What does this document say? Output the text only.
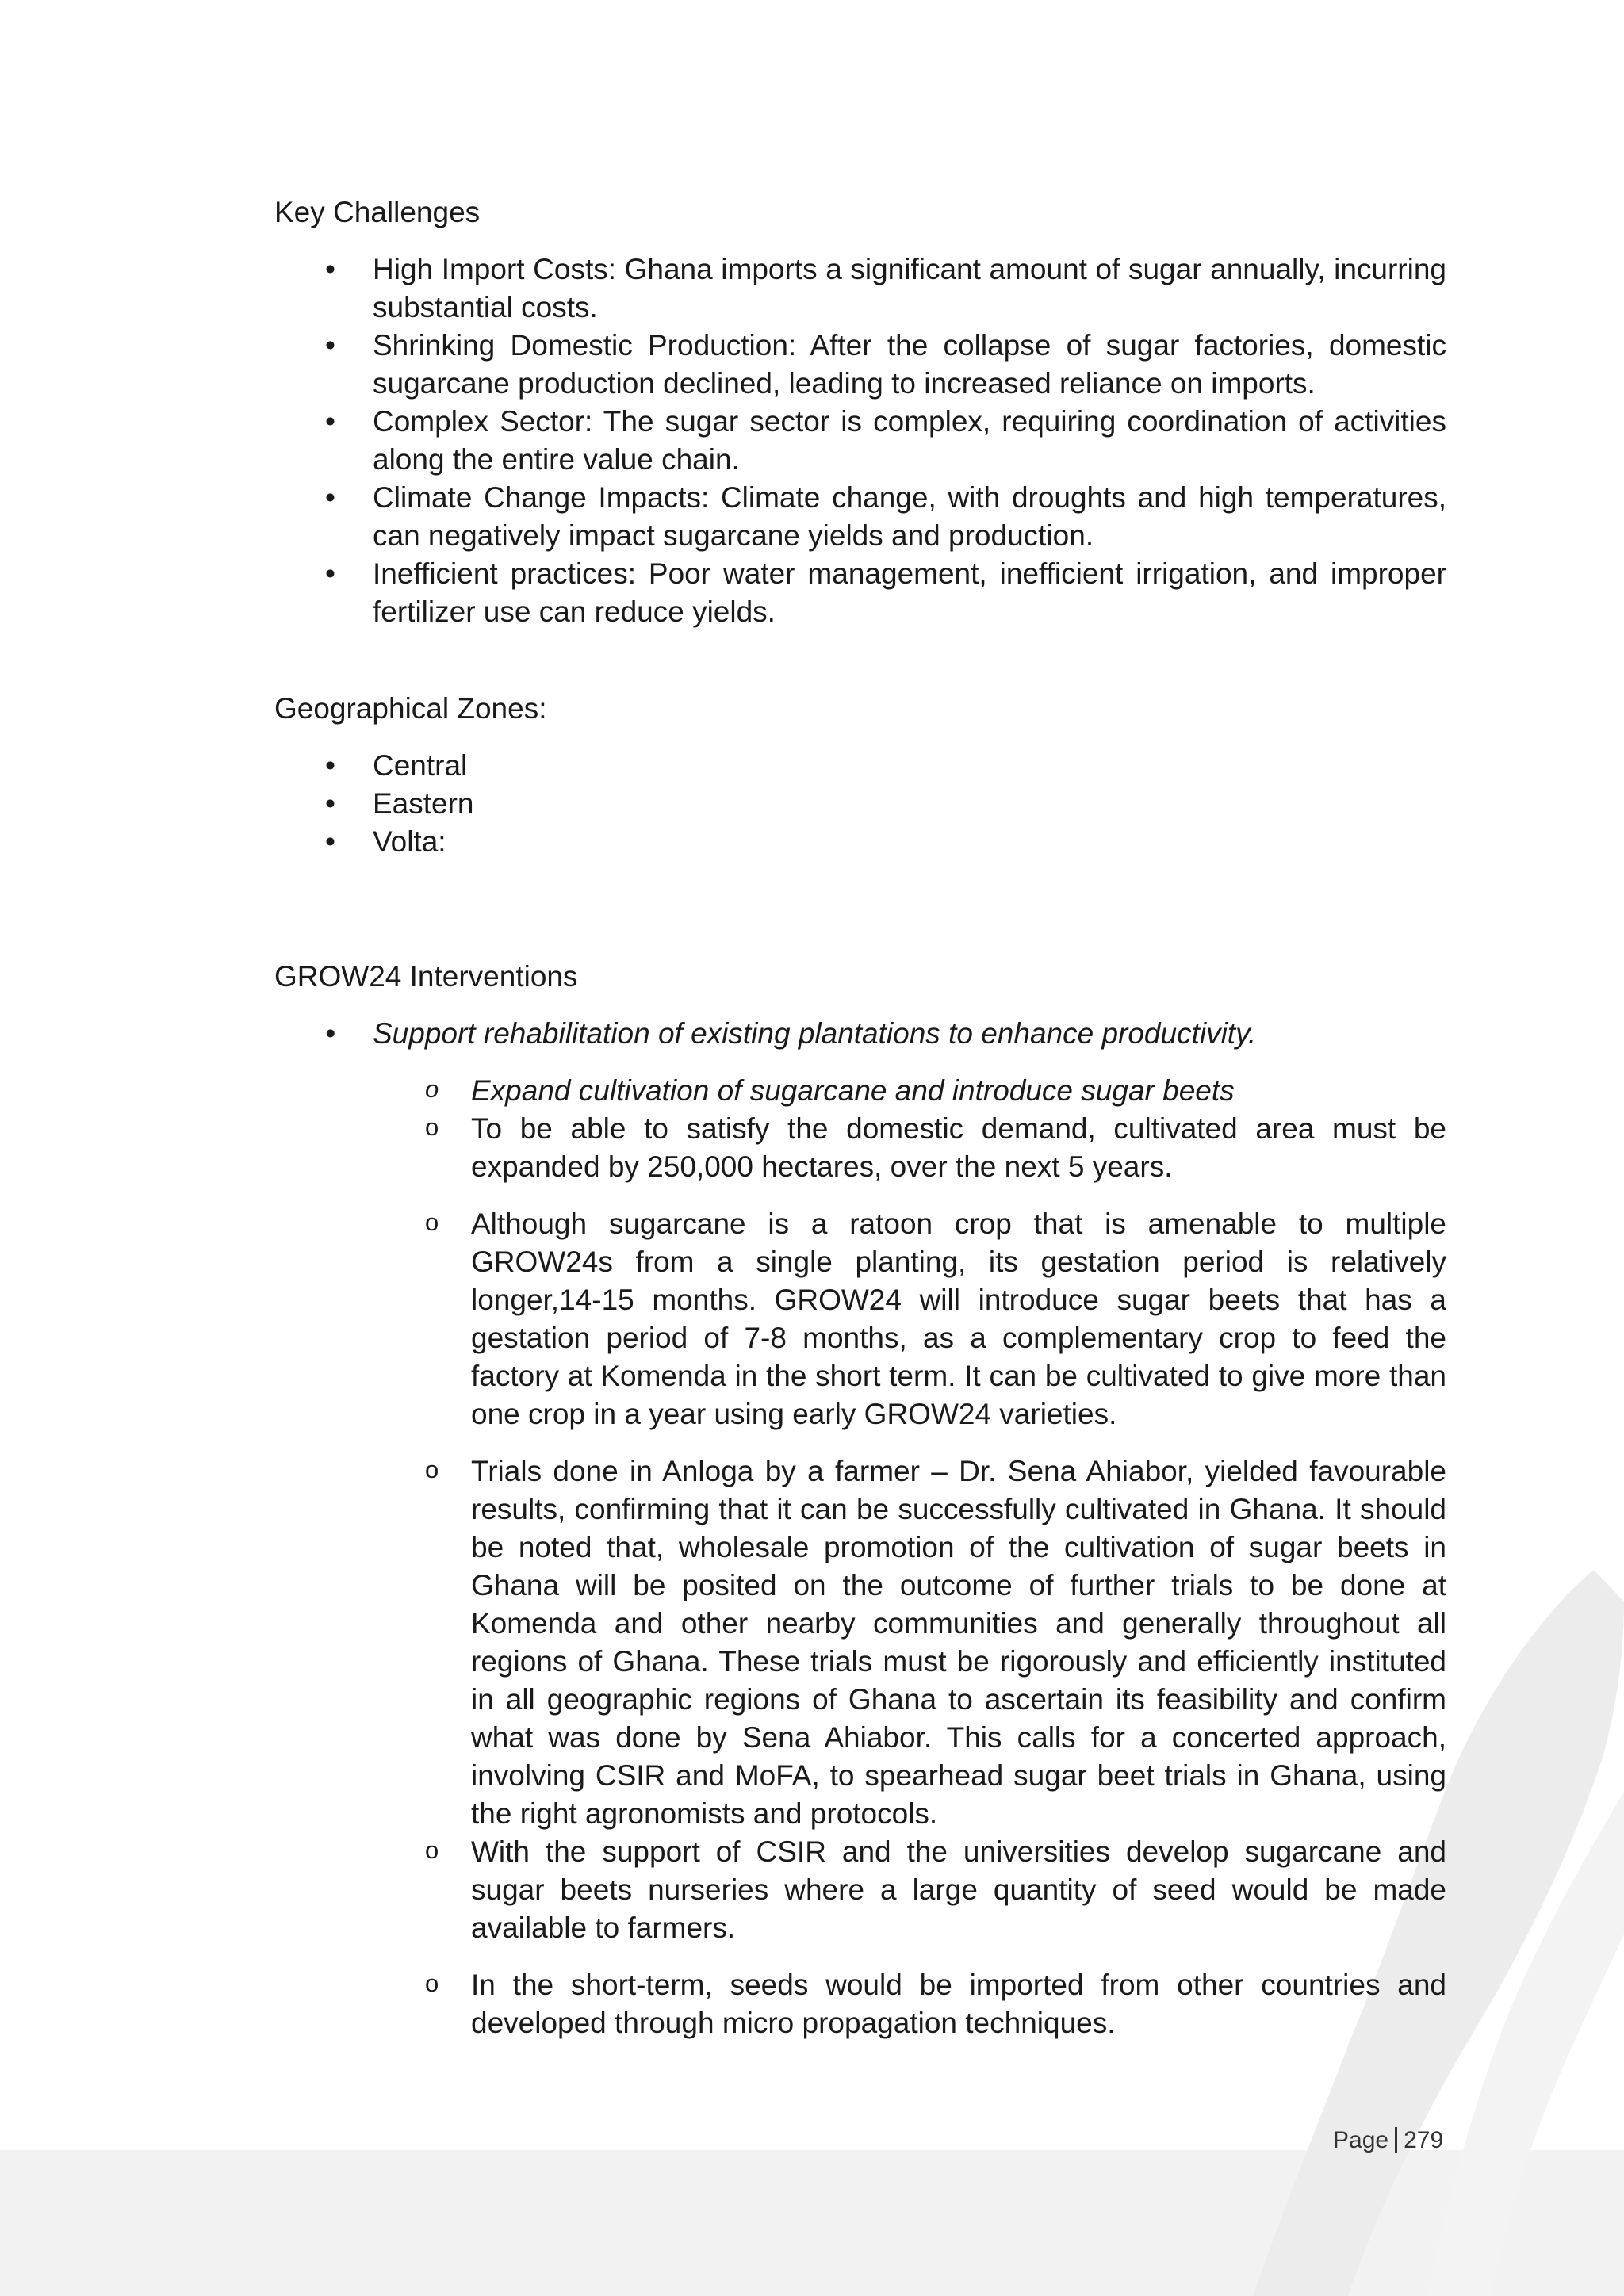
Key Challenges

• High Import Costs: Ghana imports a significant amount of sugar annually, incurring substantial costs.
• Shrinking Domestic Production: After the collapse of sugar factories, domestic sugarcane production declined, leading to increased reliance on imports.
• Complex Sector: The sugar sector is complex, requiring coordination of activities along the entire value chain.
• Climate Change Impacts: Climate change, with droughts and high temperatures, can negatively impact sugarcane yields and production.
• Inefficient practices: Poor water management, inefficient irrigation, and improper fertilizer use can reduce yields.

Geographical Zones:

• Central
• Eastern
• Volta:

GROW24 Interventions

• Support rehabilitation of existing plantations to enhance productivity.
o Expand cultivation of sugarcane and introduce sugar beets
o To be able to satisfy the domestic demand, cultivated area must be expanded by 250,000 hectares, over the next 5 years.
o Although sugarcane is a ratoon crop that is amenable to multiple GROW24s from a single planting, its gestation period is relatively longer,14-15 months. GROW24 will introduce sugar beets that has a gestation period of 7-8 months, as a complementary crop to feed the factory at Komenda in the short term. It can be cultivated to give more than one crop in a year using early GROW24 varieties.
o Trials done in Anloga by a farmer – Dr. Sena Ahiabor, yielded favourable results, confirming that it can be successfully cultivated in Ghana. It should be noted that, wholesale promotion of the cultivation of sugar beets in Ghana will be posited on the outcome of further trials to be done at Komenda and other nearby communities and generally throughout all regions of Ghana. These trials must be rigorously and efficiently instituted in all geographic regions of Ghana to ascertain its feasibility and confirm what was done by Sena Ahiabor. This calls for a concerted approach, involving CSIR and MoFA, to spearhead sugar beet trials in Ghana, using the right agronomists and protocols.
o With the support of CSIR and the universities develop sugarcane and sugar beets nurseries where a large quantity of seed would be made available to farmers.
o In the short-term, seeds would be imported from other countries and developed through micro propagation techniques.
Page 279
